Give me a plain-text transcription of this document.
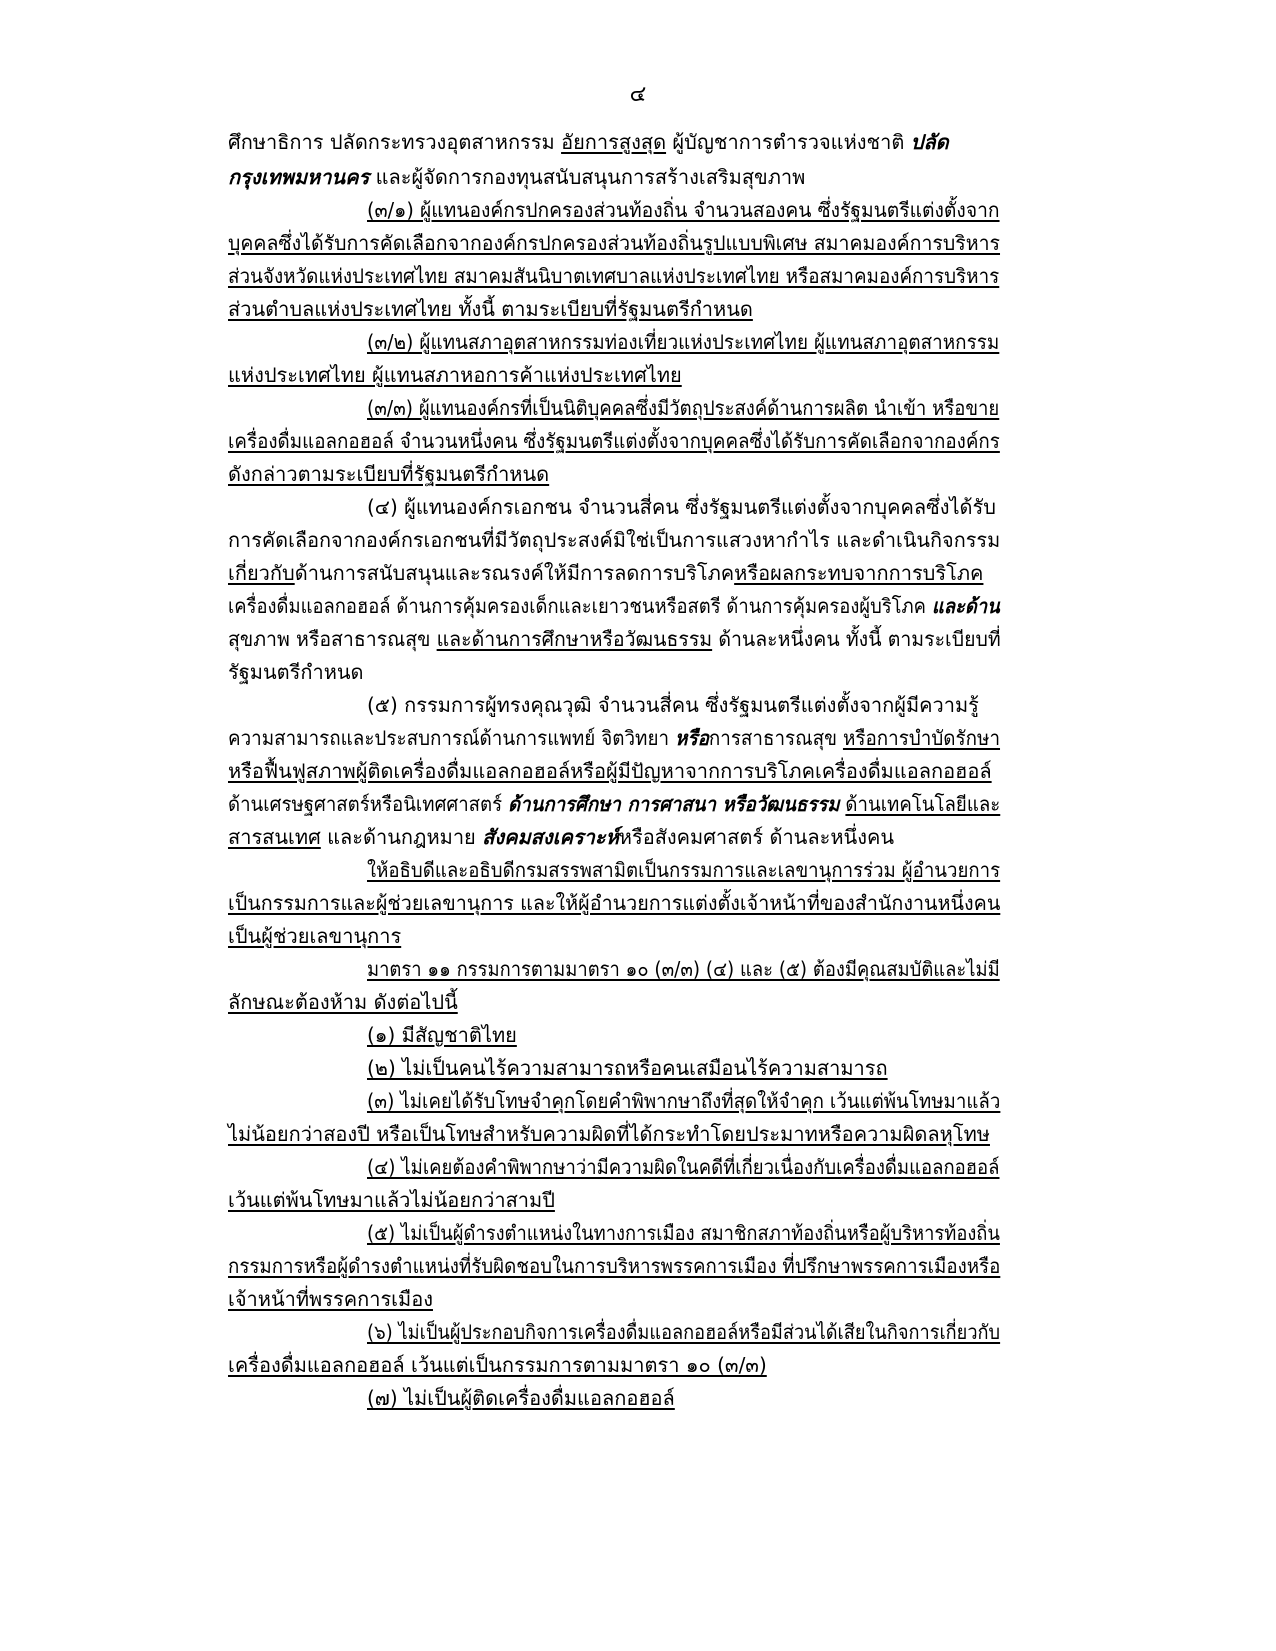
๔

ศึกษาธิการ ปลัดกระทรวงอุตสาหกรรม อัยการสูงสุด ผู้บัญชาการตำรวจแห่งชาติ ปลัด

กรุงเทพมหานคร และผู้จัดการกองทุนสนับสนุนการสร้างเสริมสุขภาพ

(๓/๑) ผู้แทนองค์กรปกครองส่วนท้องถิ่น จำนวนสองคน ซึ่งรัฐมนตรีแต่งตั้งจาก

บุคคลซึ่งได้รับการคัดเลือกจากองค์กรปกครองส่วนท้องถิ่นรูปแบบพิเศษ สมาคมองค์การบริหาร

ส่วนจังหวัดแห่งประเทศไทย สมาคมสันนิบาตเทศบาลแห่งประเทศไทย หรือสมาคมองค์การบริหาร

ส่วนตำบลแห่งประเทศไทย ทั้งนี้ ตามระเบียบที่รัฐมนตรีกำหนด

(๓/๒) ผู้แทนสภาอุตสาหกรรมท่องเที่ยวแห่งประเทศไทย ผู้แทนสภาอุตสาหกรรม

แห่งประเทศไทย ผู้แทนสภาหอการค้าแห่งประเทศไทย

(๓/๓) ผู้แทนองค์กรที่เป็นนิติบุคคลซึ่งมีวัตถุประสงค์ด้านการผลิต นำเข้า หรือขาย

เครื่องดื่มแอลกอฮอล์ จำนวนหนึ่งคน ซึ่งรัฐมนตรีแต่งตั้งจากบุคคลซึ่งได้รับการคัดเลือกจากองค์กร

ดังกล่าวตามระเบียบที่รัฐมนตรีกำหนด

(๔) ผู้แทนองค์กรเอกชน จำนวนสี่คน ซึ่งรัฐมนตรีแต่งตั้งจากบุคคลซึ่งได้รับ

การคัดเลือกจากองค์กรเอกชนที่มีวัตถุประสงค์มิใช่เป็นการแสวงหากำไร และดำเนินกิจกรรม

เกี่ยวกับด้านการสนับสนุนและรณรงค์ให้มีการลดการบริโภคหรือผลกระทบจากการบริโภค

เครื่องดื่มแอลกอฮอล์ ด้านการคุ้มครองเด็กและเยาวชนหรือสตรี ด้านการคุ้มครองผู้บริโภค และด้าน

สุขภาพ หรือสาธารณสุข และด้านการศึกษาหรือวัฒนธรรม ด้านละหนึ่งคน ทั้งนี้ ตามระเบียบที่

รัฐมนตรีกำหนด

(๕) กรรมการผู้ทรงคุณวุฒิ จำนวนสี่คน ซึ่งรัฐมนตรีแต่งตั้งจากผู้มีความรู้

ความสามารถและประสบการณ์ด้านการแพทย์ จิตวิทยา หรือการสาธารณสุข หรือการบำบัดรักษา

หรือฟื้นฟูสภาพผู้ติดเครื่องดื่มแอลกอฮอล์หรือผู้มีปัญหาจากการบริโภคเครื่องดื่มแอลกอฮอล์

ด้านเศรษฐศาสตร์หรือนิเทศศาสตร์ ด้านการศึกษา การศาสนา หรือวัฒนธรรม ด้านเทคโนโลยีและ

สารสนเทศ และด้านกฎหมาย สังคมสงเคราะห์หรือสังคมศาสตร์ ด้านละหนึ่งคน

ให้อธิบดีและอธิบดีกรมสรรพสามิตเป็นกรรมการและเลขานุการร่วม ผู้อำนวยการ

เป็นกรรมการและผู้ช่วยเลขานุการ และให้ผู้อำนวยการแต่งตั้งเจ้าหน้าที่ของสำนักงานหนึ่งคน

เป็นผู้ช่วยเลขานุการ

มาตรา ๑๑ กรรมการตามมาตรา ๑๐ (๓/๓) (๔) และ (๕) ต้องมีคุณสมบัติและไม่มี

ลักษณะต้องห้าม ดังต่อไปนี้

(๑) มีสัญชาติไทย

(๒) ไม่เป็นคนไร้ความสามารถหรือคนเสมือนไร้ความสามารถ

(๓) ไม่เคยได้รับโทษจำคุกโดยคำพิพากษาถึงที่สุดให้จำคุก เว้นแต่พ้นโทษมาแล้ว

ไม่น้อยกว่าสองปี หรือเป็นโทษสำหรับความผิดที่ได้กระทำโดยประมาทหรือความผิดลหุโทษ

(๔) ไม่เคยต้องคำพิพากษาว่ามีความผิดในคดีที่เกี่ยวเนื่องกับเครื่องดื่มแอลกอฮอล์

เว้นแต่พ้นโทษมาแล้วไม่น้อยกว่าสามปี

(๕) ไม่เป็นผู้ดำรงตำแหน่งในทางการเมือง สมาชิกสภาท้องถิ่นหรือผู้บริหารท้องถิ่น

กรรมการหรือผู้ดำรงตำแหน่งที่รับผิดชอบในการบริหารพรรคการเมือง ที่ปรึกษาพรรคการเมืองหรือ

เจ้าหน้าที่พรรคการเมือง

(๖) ไม่เป็นผู้ประกอบกิจการเครื่องดื่มแอลกอฮอล์หรือมีส่วนได้เสียในกิจการเกี่ยวกับ

เครื่องดื่มแอลกอฮอล์ เว้นแต่เป็นกรรมการตามมาตรา ๑๐ (๓/๓)

(๗) ไม่เป็นผู้ติดเครื่องดื่มแอลกอฮอล์
